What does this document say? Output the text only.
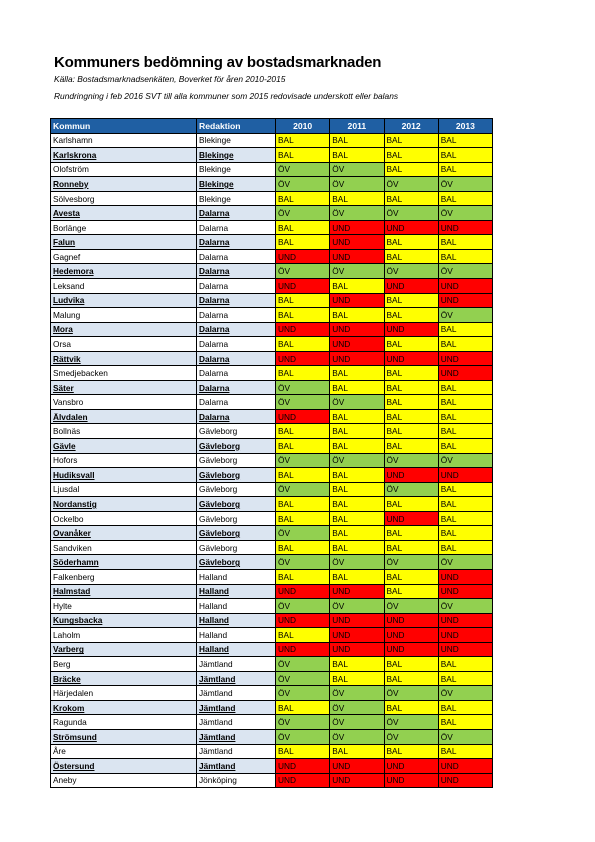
Kommuners bedömning av bostadsmarknaden
Källa: Bostadsmarknadsenkäten, Boverket för åren 2010-2015
Rundringning i feb 2016 SVT till alla kommuner som 2015 redovisade underskott eller balans
Kommun	Redaktion	2010	2011	2012	2013
Karlshamn	Blekinge	BAL	BAL	BAL	BAL
Karlskrona	Blekinge	BAL	BAL	BAL	BAL
Olofström	Blekinge	ÖV	ÖV	BAL	BAL
Ronneby	Blekinge	ÖV	ÖV	ÖV	ÖV
Sölvesborg	Blekinge	BAL	BAL	BAL	BAL
Avesta	Dalarna	ÖV	ÖV	ÖV	ÖV
Borlänge	Dalarna	BAL	UND	UND	UND
Falun	Dalarna	BAL	UND	BAL	BAL
Gagnef	Dalarna	UND	UND	BAL	BAL
Hedemora	Dalarna	ÖV	ÖV	ÖV	ÖV
Leksand	Dalarna	UND	BAL	UND	UND
Ludvika	Dalarna	BAL	UND	BAL	UND
Malung	Dalarna	BAL	BAL	BAL	ÖV
Mora	Dalarna	UND	UND	UND	BAL
Orsa	Dalarna	BAL	UND	BAL	BAL
Rättvik	Dalarna	UND	UND	UND	UND
Smedjebacken	Dalarna	BAL	BAL	BAL	UND
Säter	Dalarna	ÖV	BAL	BAL	BAL
Vansbro	Dalarna	ÖV	ÖV	BAL	BAL
Älvdalen	Dalarna	UND	BAL	BAL	BAL
Bollnäs	Gävleborg	BAL	BAL	BAL	BAL
Gävle	Gävleborg	BAL	BAL	BAL	BAL
Hofors	Gävleborg	ÖV	ÖV	ÖV	ÖV
Hudiksvall	Gävleborg	BAL	BAL	UND	UND
Ljusdal	Gävleborg	ÖV	BAL	ÖV	BAL
Nordanstig	Gävleborg	BAL	BAL	BAL	BAL
Ockelbo	Gävleborg	BAL	BAL	UND	BAL
Ovanåker	Gävleborg	ÖV	BAL	BAL	BAL
Sandviken	Gävleborg	BAL	BAL	BAL	BAL
Söderhamn	Gävleborg	ÖV	ÖV	ÖV	ÖV
Falkenberg	Halland	BAL	BAL	BAL	UND
Halmstad	Halland	UND	UND	BAL	UND
Hylte	Halland	ÖV	ÖV	ÖV	ÖV
Kungsbacka	Halland	UND	UND	UND	UND
Laholm	Halland	BAL	UND	UND	UND
Varberg	Halland	UND	UND	UND	UND
Berg	Jämtland	ÖV	BAL	BAL	BAL
Bräcke	Jämtland	ÖV	BAL	BAL	BAL
Härjedalen	Jämtland	ÖV	ÖV	ÖV	ÖV
Krokom	Jämtland	BAL	ÖV	BAL	BAL
Ragunda	Jämtland	ÖV	ÖV	ÖV	BAL
Strömsund	Jämtland	ÖV	ÖV	ÖV	ÖV
Åre	Jämtland	BAL	BAL	BAL	BAL
Östersund	Jämtland	UND	UND	UND	UND
Aneby	Jönköping	UND	UND	UND	UND
